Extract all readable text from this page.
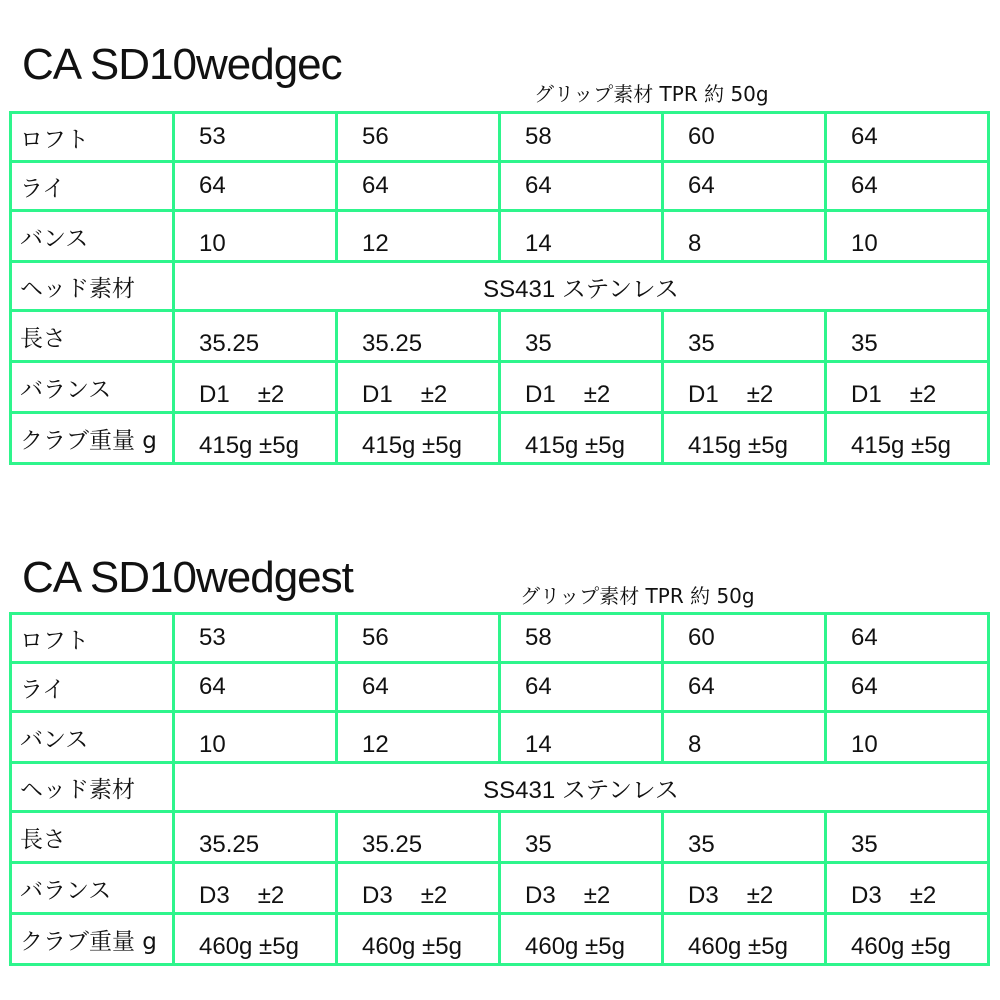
CA SD10wedgec
グリップ素材 TPR 約 50g
ロフト	53	56	58	60	64
ライ	64	64	64	64	64
バンス	10	12	14	8	10
ヘッド素材	SS431 ステンレス				
長さ	35.25	35.25	35	35	35
バランス	D1 ±2	D1 ±2	D1 ±2	D1 ±2	D1 ±2
クラブ重量 g	415g ±5g	415g ±5g	415g ±5g	415g ±5g	415g ±5g
CA SD10wedgest	グリップ素材 TPR 約 50g
ロフト	53	56	58	60	64
ライ	64	64	64	64	64
バンス	10	12	14	8	10
ヘッド素材	SS431 ステンレス				
長さ	35.25	35.25	35	35	35
バランス	D3 ±2	D3 ±2	D3 ±2	D3 ±2	D3 ±2
クラブ重量 g	460g ±5g	460g ±5g	460g ±5g	460g ±5g	460g ±5g
